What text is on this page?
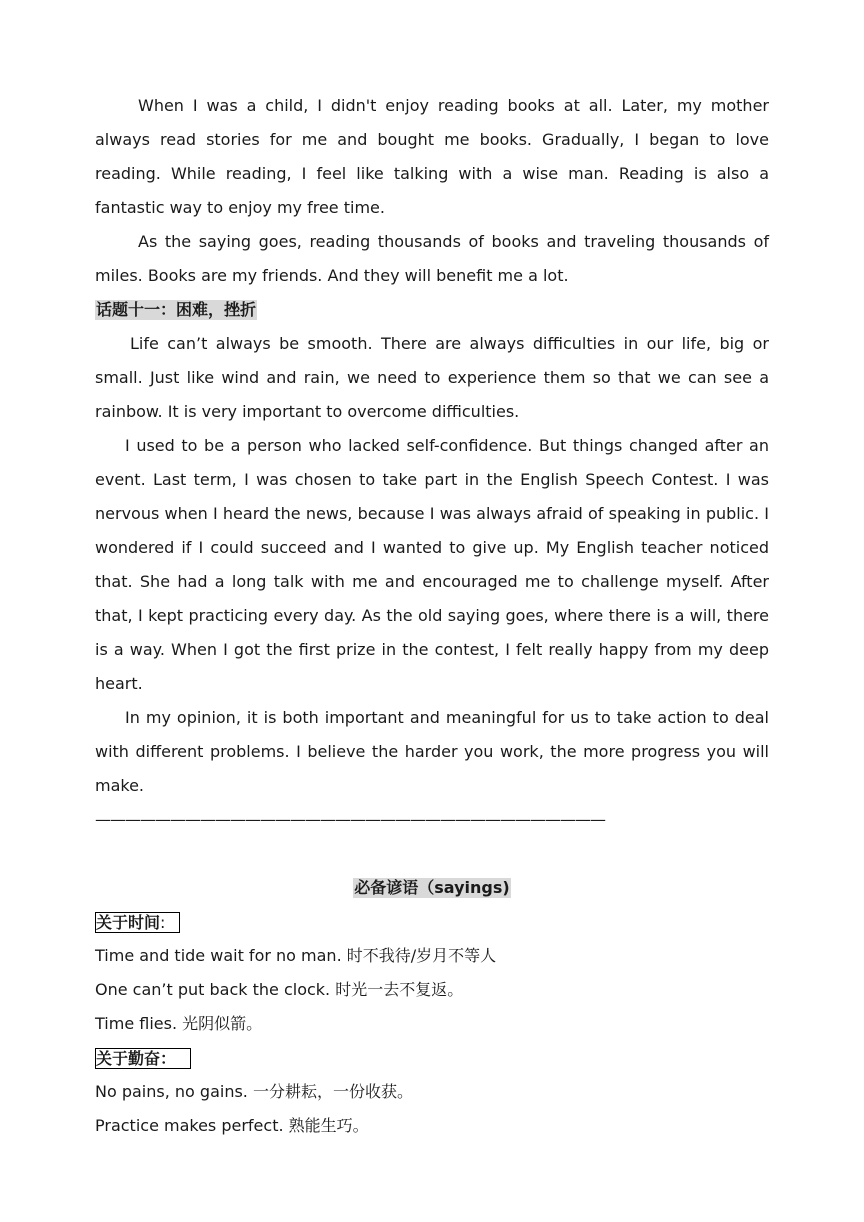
When I was a child, I didn't enjoy reading books at all. Later, my mother always read stories for me and bought me books. Gradually, I began to love reading. While reading, I feel like talking with a wise man. Reading is also a fantastic way to enjoy my free time.

As the saying goes, reading thousands of books and traveling thousands of miles. Books are my friends. And they will benefit me a lot.

话题十一：困难，挫折

Life can’t always be smooth. There are always difficulties in our life, big or small. Just like wind and rain, we need to experience them so that we can see a rainbow. It is very important to overcome difficulties.

I used to be a person who lacked self-confidence. But things changed after an event. Last term, I was chosen to take part in the English Speech Contest. I was nervous when I heard the news, because I was always afraid of speaking in public. I wondered if I could succeed and I wanted to give up. My English teacher noticed that. She had a long talk with me and encouraged me to challenge myself. After that, I kept practicing every day. As the old saying goes, where there is a will, there is a way. When I got the first prize in the contest, I felt really happy from my deep heart.

In my opinion, it is both important and meaningful for us to take action to deal with different problems. I believe the harder you work, the more progress you will make.

——————————————————————————————————
必备谚语（sayings)
关于时间:

Time and tide wait for no man. 时不我待/岁月不等人

One can’t put back the clock. 时光一去不复返。

Time flies. 光阴似箭。

关于勤奋：

No pains, no gains. 一分耕耘，一份收获。

Practice makes perfect. 熟能生巧。
